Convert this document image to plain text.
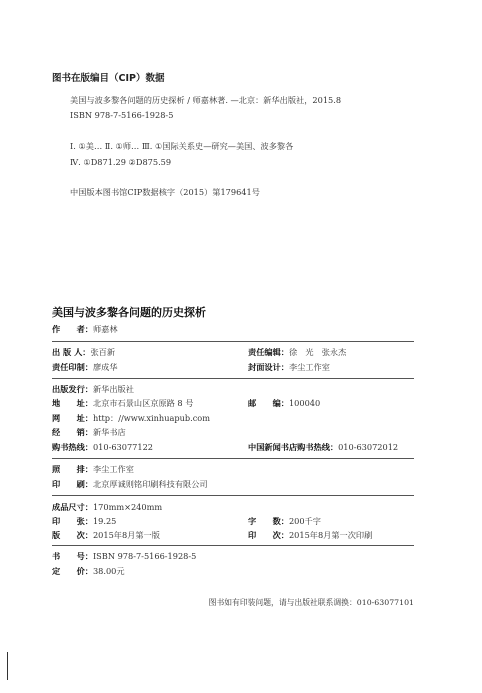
图书在版编目（CIP）数据
美国与波多黎各问题的历史探析 / 师嘉林著. —北京：新华出版社，2015.8
ISBN 978-7-5166-1928-5
Ⅰ. ①美… Ⅱ. ①师… Ⅲ. ①国际关系史—研究—美国、波多黎各
Ⅳ. ①D871.29 ②D875.59
中国版本图书馆CIP数据核字（2015）第179641号
美国与波多黎各问题的历史探析
作　　者：师嘉林
出 版 人：张百新	责任编辑：徐　光　张永杰
责任印制：廖成华	封面设计：李尘工作室
出版发行：新华出版社
地　　址：北京市石景山区京原路 8 号	邮　　编：100040
网　　址：http：//www.xinhuapub.com
经　　销：新华书店
购书热线：010-63077122	中国新闻书店购书热线：010-63072012
照　　排：李尘工作室
印　　刷：北京厚诚则铭印刷科技有限公司
成品尺寸：170mm×240mm
印　　张：19.25	字　　数：200千字
版　　次：2015年8月第一版	印　　次：2015年8月第一次印刷
书　　号：ISBN 978-7-5166-1928-5
定　　价：38.00元
图书如有印装问题，请与出版社联系调换：010-63077101
